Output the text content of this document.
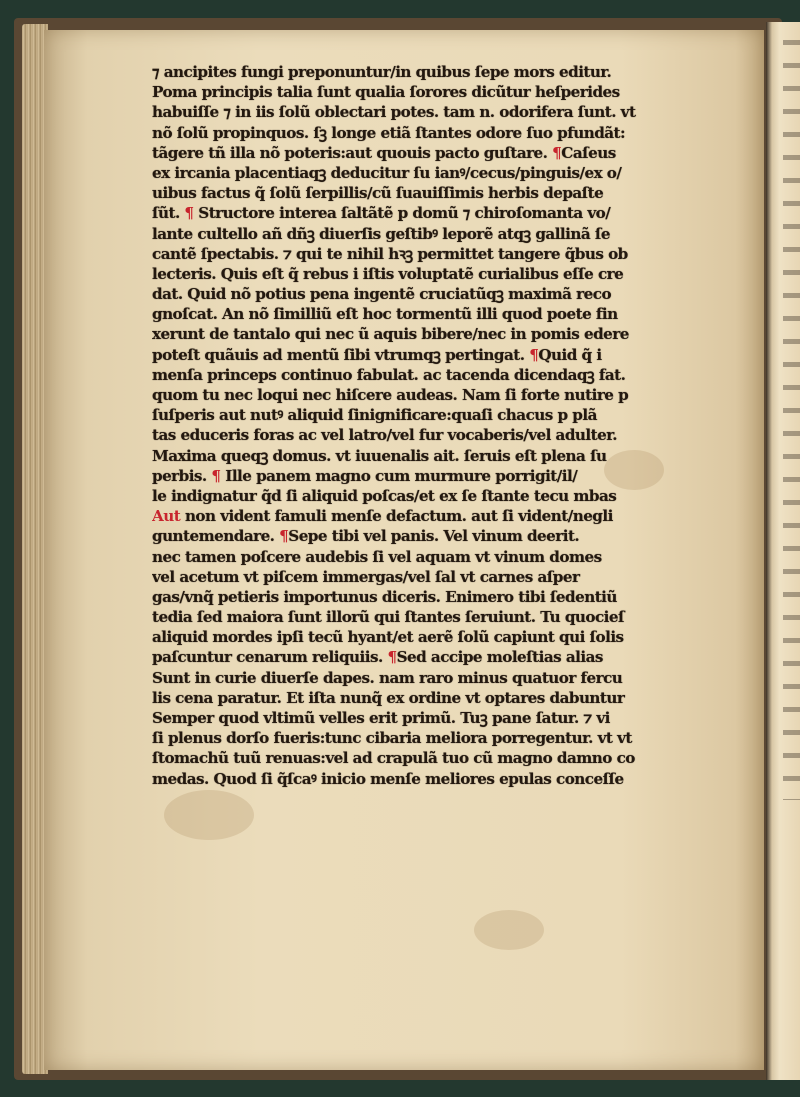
⁊ ancipites fungi preponuntur/in quibus ſepe mors editur.
Poma principis talia ſunt qualia ſorores dicũtur heſperides
habuiſſe ⁊ in iis ſolũ oblectari potes. tam n. odorifera ſunt. vt
nõ ſolũ propinquos. ſꝫ longe etiã ſtantes odore ſuo pfundãt:
tãgere tñ illa nõ poteris:aut quouis pacto guſtare. ¶Caſeus
ex ircania placentiaqꝫ deducitur ſu ianꝰ/cecus/pinguis/ex o/
uibus factus q̃ ſolũ ſerpillis/cũ ſuauiſſimis herbis depaſte
ſũt. ¶ Structore interea ſaltãtẽ p domũ ⁊ chiroſomanta vo/
lante cultello añ dñꝫ diuerſis geſtibꝰ leporẽ atqꝫ gallinã ſe
cantẽ ſpectabis. ⁊ qui te nihil hꝛꝫ permittet tangere q̃bus ob
lecteris. Quis eſt q̃ rebus i iſtis voluptatẽ curialibus eſſe cre
dat. Quid nõ potius pena ingentẽ cruciatũqꝫ maximã reco
gnoſcat. An nõ ſimilliũ eſt hoc tormentũ illi quod poete fin
xerunt de tantalo qui nec ũ aquis bibere/nec in pomis edere
poteſt quãuis ad mentũ ſibi vtrumqꝫ pertingat. ¶Quid q̃ i
menſa princeps continuo fabulat. ac tacenda dicendaqꝫ fat.
quom tu nec loqui nec hiſcere audeas. Nam ſi forte nutire p
ſuſperis aut nutꝰ aliquid ſinignificare:quaſi chacus p plã
tas educeris foras ac vel latro/vel fur vocaberis/vel adulter.
Maxima queqꝫ domus. vt iuuenalis ait. ſeruis eſt plena ſu
perbis. ¶ Ille panem magno cum murmure porrigit/il/
le indignatur q̃d ſi aliquid poſcas/et ex ſe ſtante tecu mbas
Aut non vident famuli menſe defactum. aut ſi vident/negli
guntemendare. ¶Sepe tibi vel panis. Vel vinum deerit.
nec tamen poſcere audebis ſi vel aquam vt vinum domes
vel acetum vt piſcem immergas/vel ſal vt carnes aſper
gas/vnq̃ petieris importunus diceris. Enimero tibi ſedentiũ
tedia ſed maiora ſunt illorũ qui ſtantes ſeruiunt. Tu quocieſ
aliquid mordes ipſi tecũ hyant/et aerẽ ſolũ capiunt qui ſolis
paſcuntur cenarum reliquiis. ¶Sed accipe moleſtias alias
Sunt in curie diuerſe dapes. nam raro minus quatuor fercu
lis cena paratur. Et iſta nunq̃ ex ordine vt optares dabuntur
Semper quod vltimũ velles erit primũ. Tuꝫ pane ſatur. ⁊ vi
ſi plenus dorſo fueris:tunc cibaria meliora porregentur. vt vt
ſtomachũ tuũ renuas:vel ad crapulã tuo cũ magno damno co
medas. Quod ſi q̃ſcaꝰ inicio menſe meliores epulas conceſſe
